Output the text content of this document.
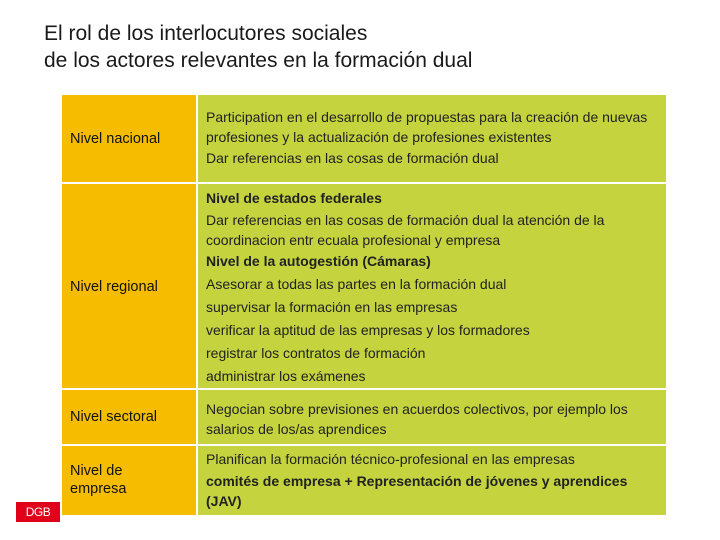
El rol de los interlocutores sociales
de los actores relevantes en la formación dual
Nivel nacional

Participation en el desarrollo de propuestas para la creación de nuevas profesiones y la actualización de profesiones existentes

Dar referencias en las cosas de formación dual

Nivel regional

Nivel de estados federales

Dar referencias en las cosas de formación dual la atención de la coordinacion entr ecuala profesional y empresa

Nivel de la autogestión (Cámaras)

Asesorar a todas las partes en la formación dual

supervisar la formación en las empresas

verificar la aptitud de las empresas y los formadores

registrar los contratos de formación

administrar los exámenes

Nivel sectoral	Negocian sobre previsiones en acuerdos colectivos, por ejemplo los salarios de los/as aprendices

Nivel de empresa

Planifican la formación técnico-profesional en las empresas

comités de empresa + Representación de jóvenes y aprendices (JAV)

DGB
